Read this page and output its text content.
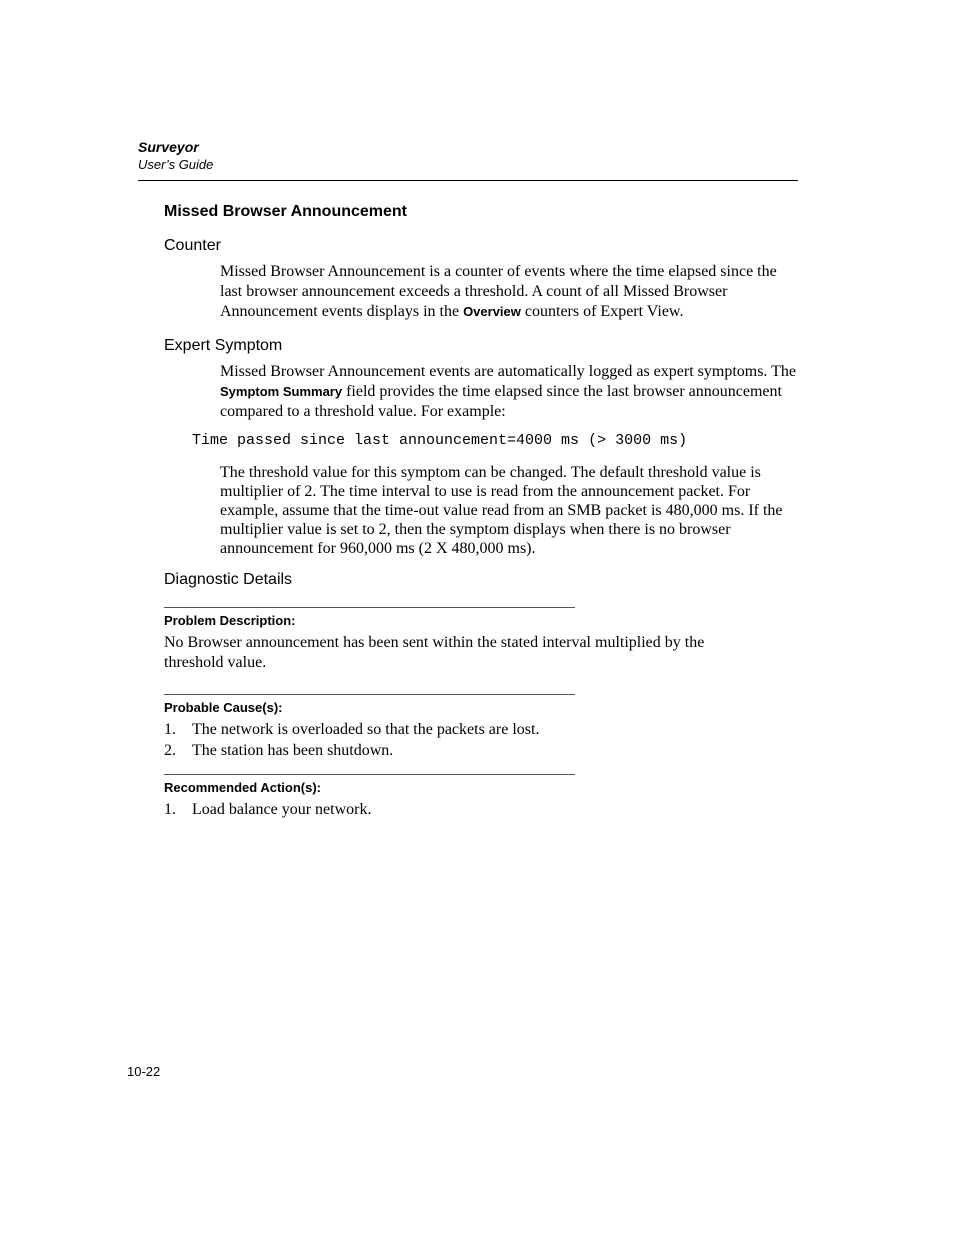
Surveyor
User’s Guide
Missed Browser Announcement
Counter
Missed Browser Announcement is a counter of events where the time elapsed since the last browser announcement exceeds a threshold. A count of all Missed Browser Announcement events displays in the Overview counters of Expert View.
Expert Symptom
Missed Browser Announcement events are automatically logged as expert symptoms. The Symptom Summary field provides the time elapsed since the last browser announcement compared to a threshold value. For example:
Time passed since last announcement=4000 ms (> 3000 ms)
The threshold value for this symptom can be changed. The default threshold value is multiplier of 2. The time interval to use is read from the announcement packet. For example, assume that the time-out value read from an SMB packet is 480,000 ms. If the multiplier value is set to 2, then the symptom displays when there is no browser announcement for 960,000 ms (2 X 480,000 ms).
Diagnostic Details
Problem Description:
No Browser announcement has been sent within the stated interval multiplied by the threshold value.
Probable Cause(s):
1. The network is overloaded so that the packets are lost.
2. The station has been shutdown.
Recommended Action(s):
1. Load balance your network.
10-22
